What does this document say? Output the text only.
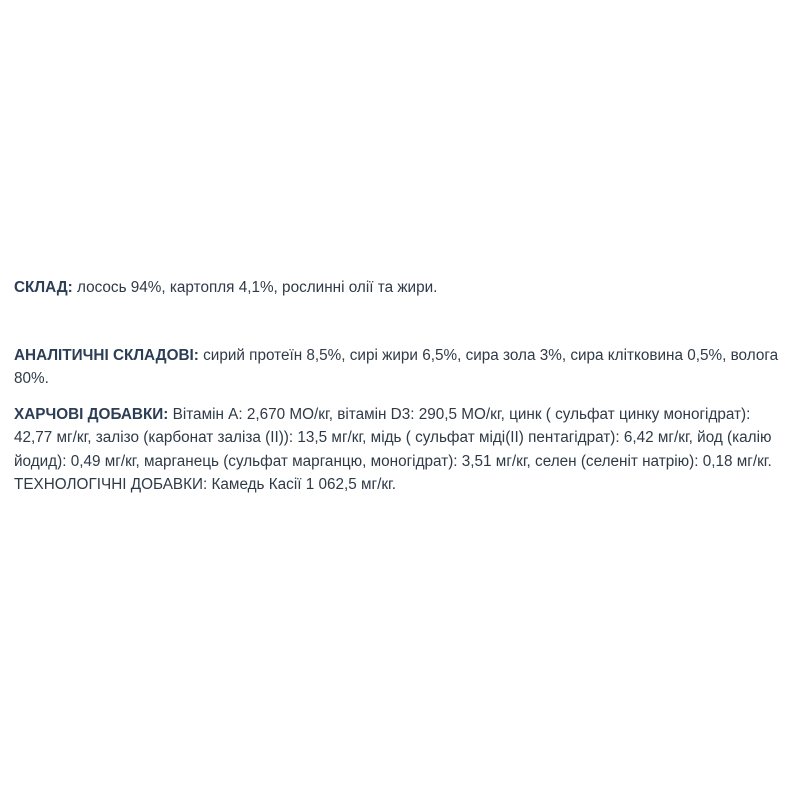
СКЛАД: лосось 94%, картопля 4,1%, рослинні олії та жири.

АНАЛІТИЧНІ СКЛАДОВІ: сирий протеїн 8,5%, сирі жири 6,5%, сира зола 3%, сира клітковина 0,5%, волога 80%.

ХАРЧОВІ ДОБАВКИ: Вітамін A: 2,670 MO/кг, вітамін D3: 290,5 MO/кг, цинк ( сульфат цинку моногідрат): 42,77 мг/кг, залізо (карбонат заліза (II)): 13,5 мг/кг, мідь ( сульфат міді(II) пентагідрат): 6,42 мг/кг, йод (калію йодид): 0,49 мг/кг, марганець (сульфат марганцю, моногідрат): 3,51 мг/кг, селен (селеніт натрію): 0,18 мг/кг. ТЕХНОЛОГІЧНІ ДОБАВКИ: Камедь Касії 1 062,5 мг/кг.
